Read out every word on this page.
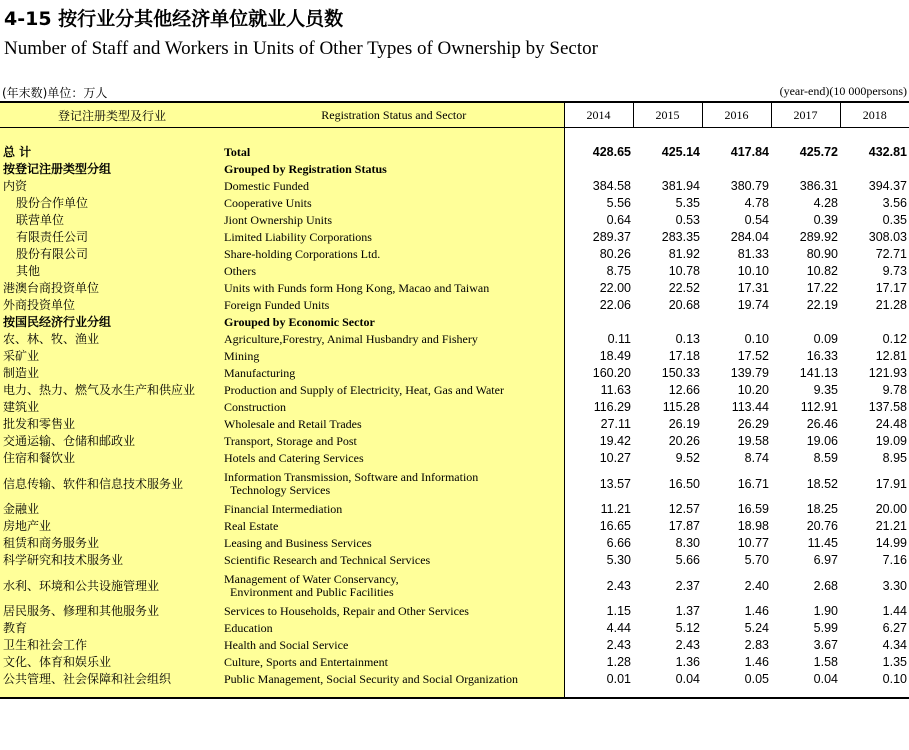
4-15 按行业分其他经济单位就业人员数
Number of Staff and Workers in Units of Other Types of Ownership by Sector
(年末数)单位：万人	(year-end)(10 000persons)
登记注册类型及行业	Registration Status and Sector	2014	2015	2016	2017	2018

总 计	Total	428.65	425.14	417.84	425.72	432.81
按登记注册类型分组	Grouped by Registration Status					

内资	Domestic Funded	384.58	381.94	380.79	386.31	394.37
股份合作单位	Cooperative Units	5.56	5.35	4.78	4.28	3.56
联营单位	Jiont Ownership Units	0.64	0.53	0.54	0.39	0.35
有限责任公司	Limited Liability Corporations	289.37	283.35	284.04	289.92	308.03
股份有限公司	Share-holding Corporations Ltd.	80.26	81.92	81.33	80.90	72.71
其他	Others	8.75	10.78	10.10	10.82	9.73
港澳台商投资单位	Units with Funds form Hong Kong, Macao and Taiwan	22.00	22.52	17.31	17.22	17.17
外商投资单位	Foreign Funded Units	22.06	20.68	19.74	22.19	21.28
按国民经济行业分组	Grouped by Economic Sector					

农、林、牧、渔业	Agriculture,Forestry, Animal Husbandry and Fishery	0.11	0.13	0.10	0.09	0.12
采矿业	Mining	18.49	17.18	17.52	16.33	12.81
制造业	Manufacturing	160.20	150.33	139.79	141.13	121.93
电力、热力、燃气及水生产和供应业	Production and Supply of Electricity, Heat, Gas and Water	11.63	12.66	10.20	9.35	9.78
建筑业	Construction	116.29	115.28	113.44	112.91	137.58
批发和零售业	Wholesale and Retail Trades	27.11	26.19	26.29	26.46	24.48
交通运输、仓储和邮政业	Transport, Storage and Post	19.42	20.26	19.58	19.06	19.09
住宿和餐饮业	Hotels and Catering Services	10.27	9.52	8.74	8.59	8.95
信息传输、软件和信息技术服务业	Information Transmission, Software and Information
Technology Services	13.57	16.50	16.71	18.52	17.91
金融业	Financial Intermediation	11.21	12.57	16.59	18.25	20.00
房地产业	Real Estate	16.65	17.87	18.98	20.76	21.21
租赁和商务服务业	Leasing and Business Services	6.66	8.30	10.77	11.45	14.99
科学研究和技术服务业	Scientific Research and Technical Services	5.30	5.66	5.70	6.97	7.16
水利、环境和公共设施管理业	Management of Water Conservancy,
Environment and Public Facilities	2.43	2.37	2.40	2.68	3.30
居民服务、修理和其他服务业	Services to Households, Repair and Other Services	1.15	1.37	1.46	1.90	1.44
教育	Education	4.44	5.12	5.24	5.99	6.27
卫生和社会工作	Health and Social Service	2.43	2.43	2.83	3.67	4.34
文化、体育和娱乐业	Culture, Sports and Entertainment	1.28	1.36	1.46	1.58	1.35
公共管理、社会保障和社会组织	Public Management, Social Security and Social Organization	0.01	0.04	0.05	0.04	0.10
